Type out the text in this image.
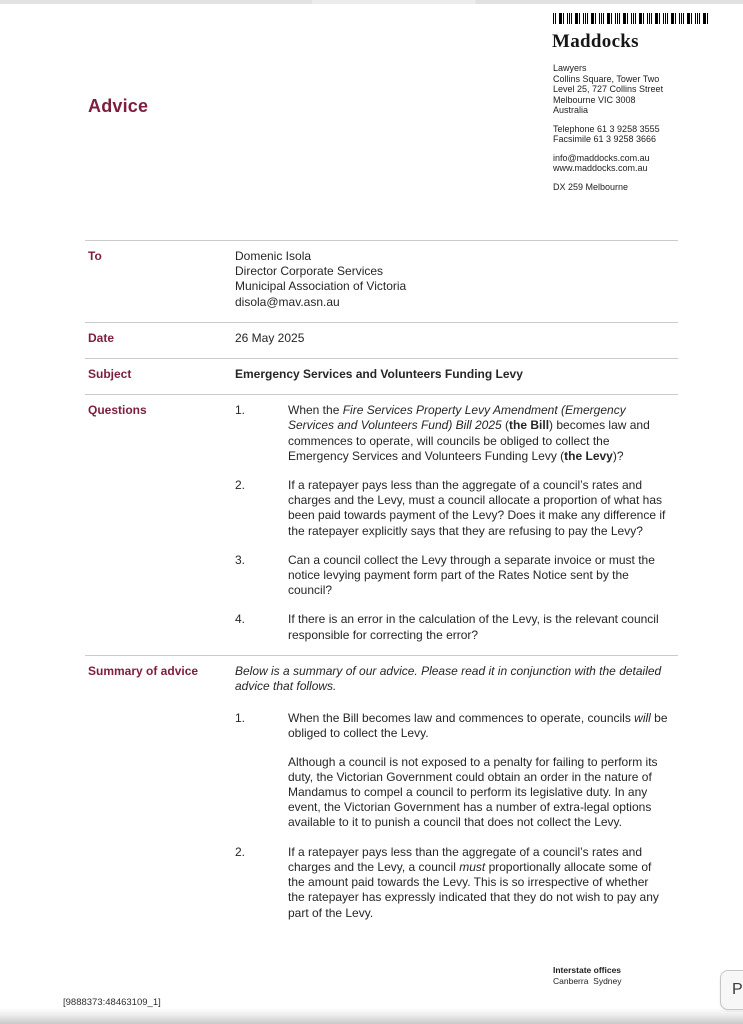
Maddocks
Lawyers
Collins Square, Tower Two
Level 25, 727 Collins Street
Melbourne VIC 3008
Australia
Telephone 61 3 9258 3555
Facsimile 61 3 9258 3666
info@maddocks.com.au
www.maddocks.com.au
DX 259 Melbourne
Advice
To	Domenic Isola
Director Corporate Services
Municipal Association of Victoria
disola@mav.asn.au
Date	26 May 2025
Subject	Emergency Services and Volunteers Funding Levy
Questions	1.	When the Fire Services Property Levy Amendment (Emergency Services and Volunteers Fund) Bill 2025 (the Bill) becomes law and commences to operate, will councils be obliged to collect the Emergency Services and Volunteers Funding Levy (the Levy)?
2.	If a ratepayer pays less than the aggregate of a council’s rates and charges and the Levy, must a council allocate a proportion of what has been paid towards payment of the Levy? Does it make any difference if the ratepayer explicitly says that they are refusing to pay the Levy?
3.	Can a council collect the Levy through a separate invoice or must the notice levying payment form part of the Rates Notice sent by the council?
4.	If there is an error in the calculation of the Levy, is the relevant council responsible for correcting the error?
Summary of advice	Below is a summary of our advice. Please read it in conjunction with the detailed advice that follows.
1.	When the Bill becomes law and commences to operate, councils will be obliged to collect the Levy.
Although a council is not exposed to a penalty for failing to perform its duty, the Victorian Government could obtain an order in the nature of Mandamus to compel a council to perform its legislative duty. In any event, the Victorian Government has a number of extra-legal options available to it to punish a council that does not collect the Levy.
2.	If a ratepayer pays less than the aggregate of a council’s rates and charges and the Levy, a council must proportionally allocate some of the amount paid towards the Levy. This is so irrespective of whether the ratepayer has expressly indicated that they do not wish to pay any part of the Levy.
Interstate offices
Canberra  Sydney
[9888373:48463109_1]
P
